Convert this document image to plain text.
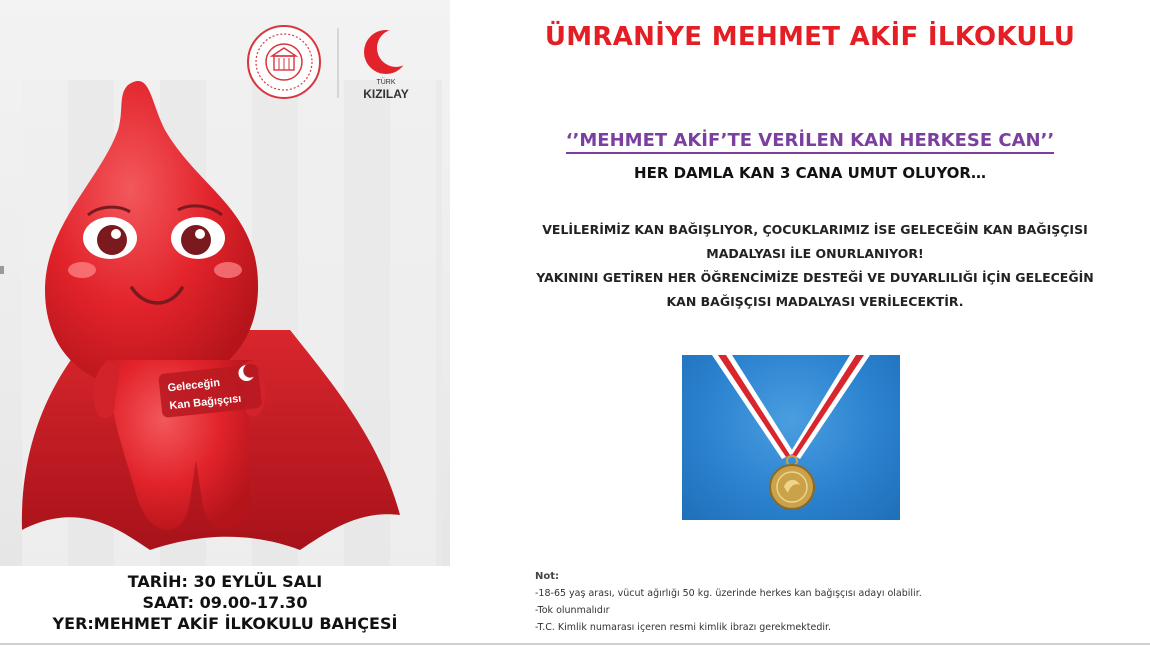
TÜRK
KIZILAY
Geleceğin
Kan Bağışçısı
TARİH: 30 EYLÜL SALI
SAAT: 09.00-17.30
YER:MEHMET AKİF İLKOKULU BAHÇESİ
ÜMRANİYE MEHMET AKİF İLKOKULU
‘’MEHMET AKİF’TE VERİLEN KAN HERKESE CAN’’
HER DAMLA KAN 3 CANA UMUT OLUYOR…
VELİLERİMİZ KAN BAĞIŞLIYOR, ÇOCUKLARIMIZ İSE GELECEĞİN KAN BAĞIŞÇISI
MADALYASI İLE ONURLANIYOR!
YAKININI GETİREN HER ÖĞRENCİMİZE DESTEĞİ VE DUYARLILIĞI İÇİN GELECEĞİN
KAN BAĞIŞÇISI MADALYASI VERİLECEKTİR.
Not:
-18-65 yaş arası, vücut ağırlığı 50 kg. üzerinde herkes kan bağışçısı adayı olabilir.
-Tok olunmalıdır
-T.C. Kimlik numarası içeren resmi kimlik ibrazı gerekmektedir.
